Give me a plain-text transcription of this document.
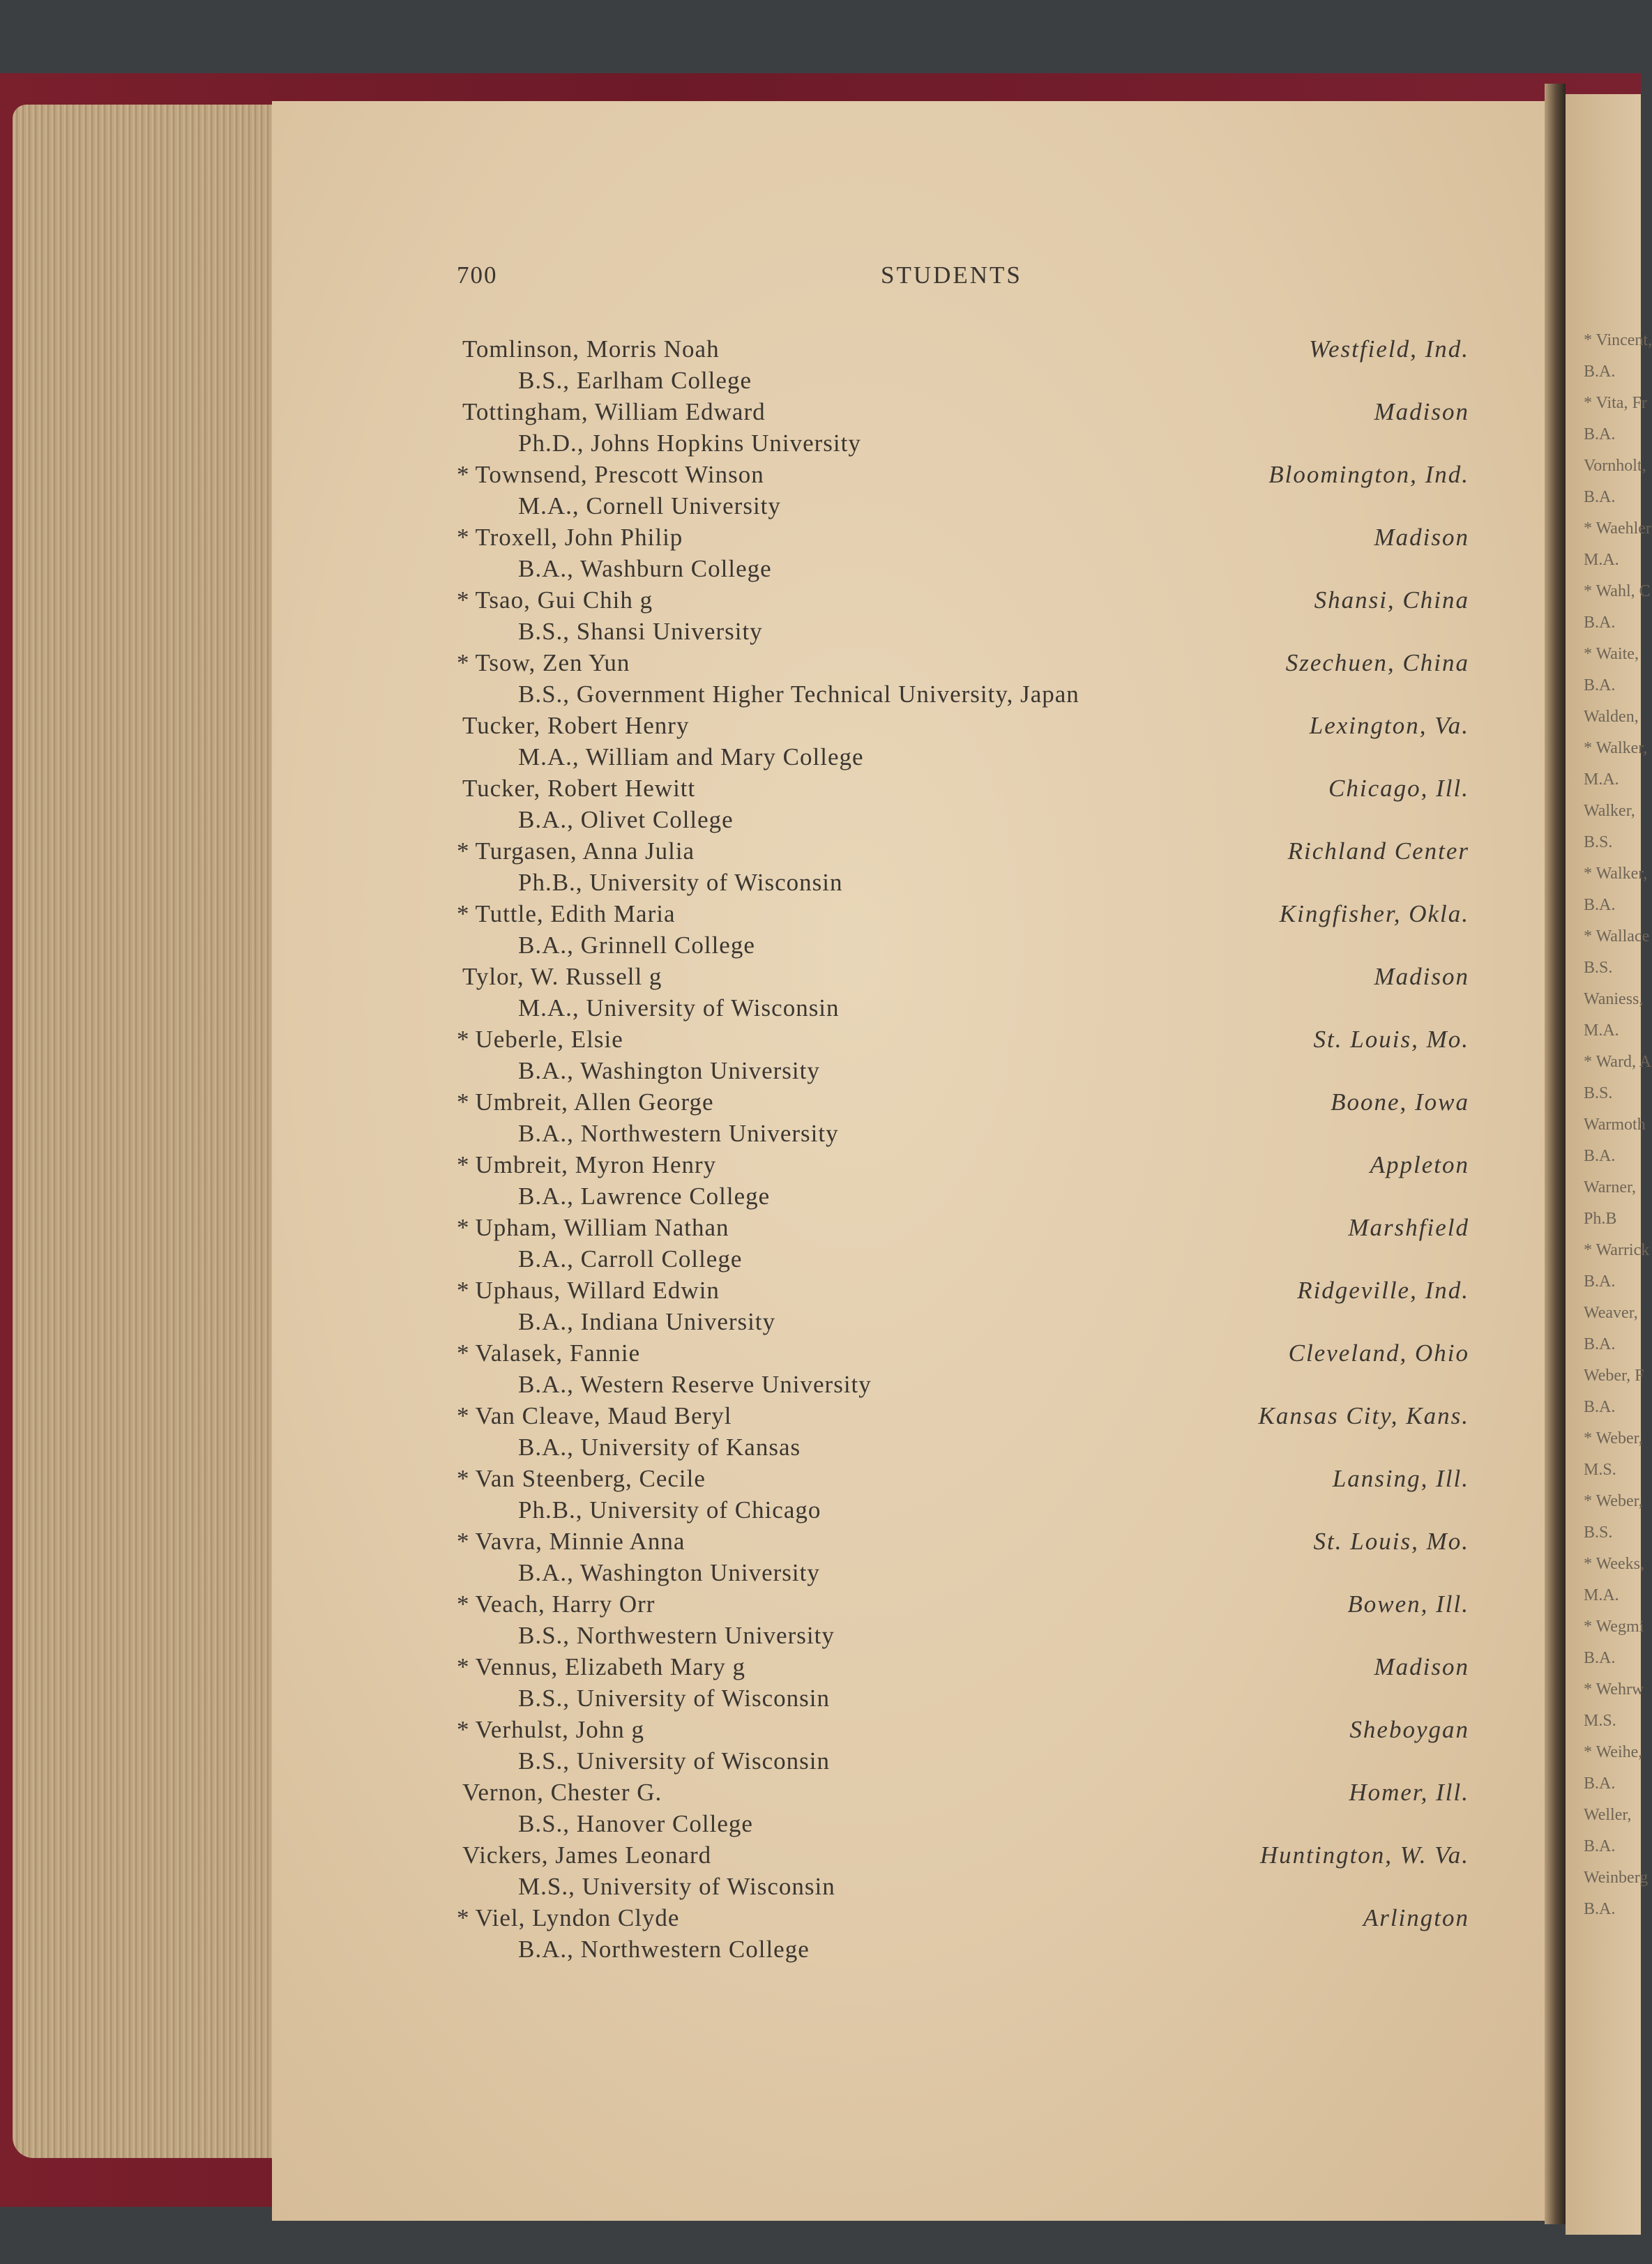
* Vincent,
B.A.
* Vita, Fr
B.A.
Vornholt,
B.A.
* Waehler
M.A.
* Wahl, C
B.A.
* Waite,
B.A.
Walden,
* Walker,
M.A.
Walker,
B.S.
* Walker,
B.A.
* Wallace
B.S.
Waniess,
M.A.
* Ward, A
B.S.
Warmoth
B.A.
Warner,
Ph.B
* Warrick
B.A.
Weaver,
B.A.
Weber, F
B.A.
* Weber,
M.S.
* Weber,
B.S.
* Weeks,
M.A.
* Wegmi
B.A.
* Wehrw
M.S.
* Weihe,
B.A.
Weller,
B.A.
Weinberg
B.A.
700	STUDENTS
Tomlinson, Morris Noah	Westfield, Ind.
B.S., Earlham College
Tottingham, William Edward	Madison
Ph.D., Johns Hopkins University
* Townsend, Prescott Winson	Bloomington, Ind.
M.A., Cornell University
* Troxell, John Philip	Madison
B.A., Washburn College
* Tsao, Gui Chih g	Shansi, China
B.S., Shansi University
* Tsow, Zen Yun	Szechuen, China
B.S., Government Higher Technical University, Japan
Tucker, Robert Henry	Lexington, Va.
M.A., William and Mary College
Tucker, Robert Hewitt	Chicago, Ill.
B.A., Olivet College
* Turgasen, Anna Julia	Richland Center
Ph.B., University of Wisconsin
* Tuttle, Edith Maria	Kingfisher, Okla.
B.A., Grinnell College
Tylor, W. Russell g	Madison
M.A., University of Wisconsin
* Ueberle, Elsie	St. Louis, Mo.
B.A., Washington University
* Umbreit, Allen George	Boone, Iowa
B.A., Northwestern University
* Umbreit, Myron Henry	Appleton
B.A., Lawrence College
* Upham, William Nathan	Marshfield
B.A., Carroll College
* Uphaus, Willard Edwin	Ridgeville, Ind.
B.A., Indiana University
* Valasek, Fannie	Cleveland, Ohio
B.A., Western Reserve University
* Van Cleave, Maud Beryl	Kansas City, Kans.
B.A., University of Kansas
* Van Steenberg, Cecile	Lansing, Ill.
Ph.B., University of Chicago
* Vavra, Minnie Anna	St. Louis, Mo.
B.A., Washington University
* Veach, Harry Orr	Bowen, Ill.
B.S., Northwestern University
* Vennus, Elizabeth Mary g	Madison
B.S., University of Wisconsin
* Verhulst, John g	Sheboygan
B.S., University of Wisconsin
Vernon, Chester G.	Homer, Ill.
B.S., Hanover College
Vickers, James Leonard	Huntington, W. Va.
M.S., University of Wisconsin
* Viel, Lyndon Clyde	Arlington
B.A., Northwestern College
